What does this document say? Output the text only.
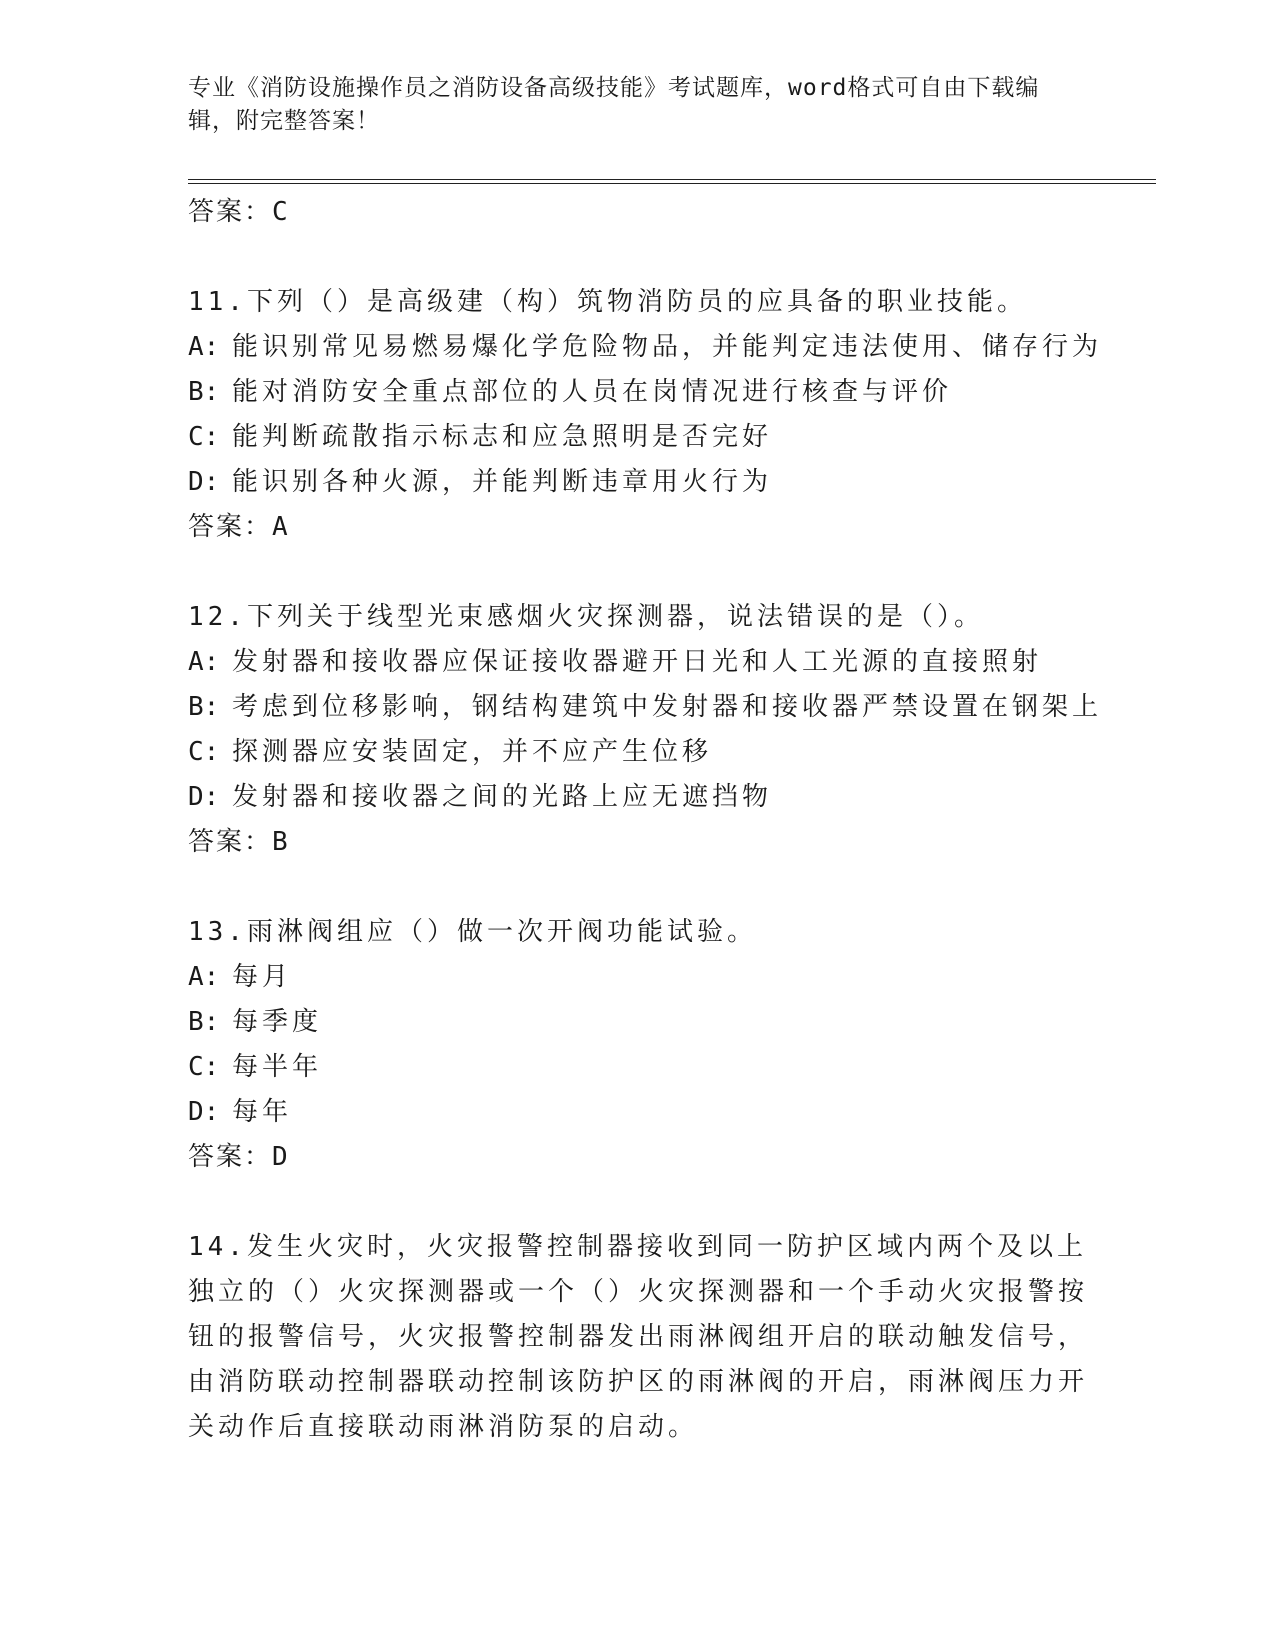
专业《消防设施操作员之消防设备高级技能》考试题库，word格式可自由下载编辑，附完整答案！
答案：C
11.下列（）是高级建（构）筑物消防员的应具备的职业技能。
A: 能识别常见易燃易爆化学危险物品，并能判定违法使用、储存行为
B: 能对消防安全重点部位的人员在岗情况进行核查与评价
C: 能判断疏散指示标志和应急照明是否完好
D: 能识别各种火源，并能判断违章用火行为
答案：A
12.下列关于线型光束感烟火灾探测器，说法错误的是（）。
A: 发射器和接收器应保证接收器避开日光和人工光源的直接照射
B: 考虑到位移影响，钢结构建筑中发射器和接收器严禁设置在钢架上
C: 探测器应安装固定，并不应产生位移
D: 发射器和接收器之间的光路上应无遮挡物
答案：B
13.雨淋阀组应（）做一次开阀功能试验。
A: 每月
B: 每季度
C: 每半年
D: 每年
答案：D
14.发生火灾时，火灾报警控制器接收到同一防护区域内两个及以上独立的（）火灾探测器或一个（）火灾探测器和一个手动火灾报警按钮的报警信号，火灾报警控制器发出雨淋阀组开启的联动触发信号，由消防联动控制器联动控制该防护区的雨淋阀的开启，雨淋阀压力开关动作后直接联动雨淋消防泵的启动。
